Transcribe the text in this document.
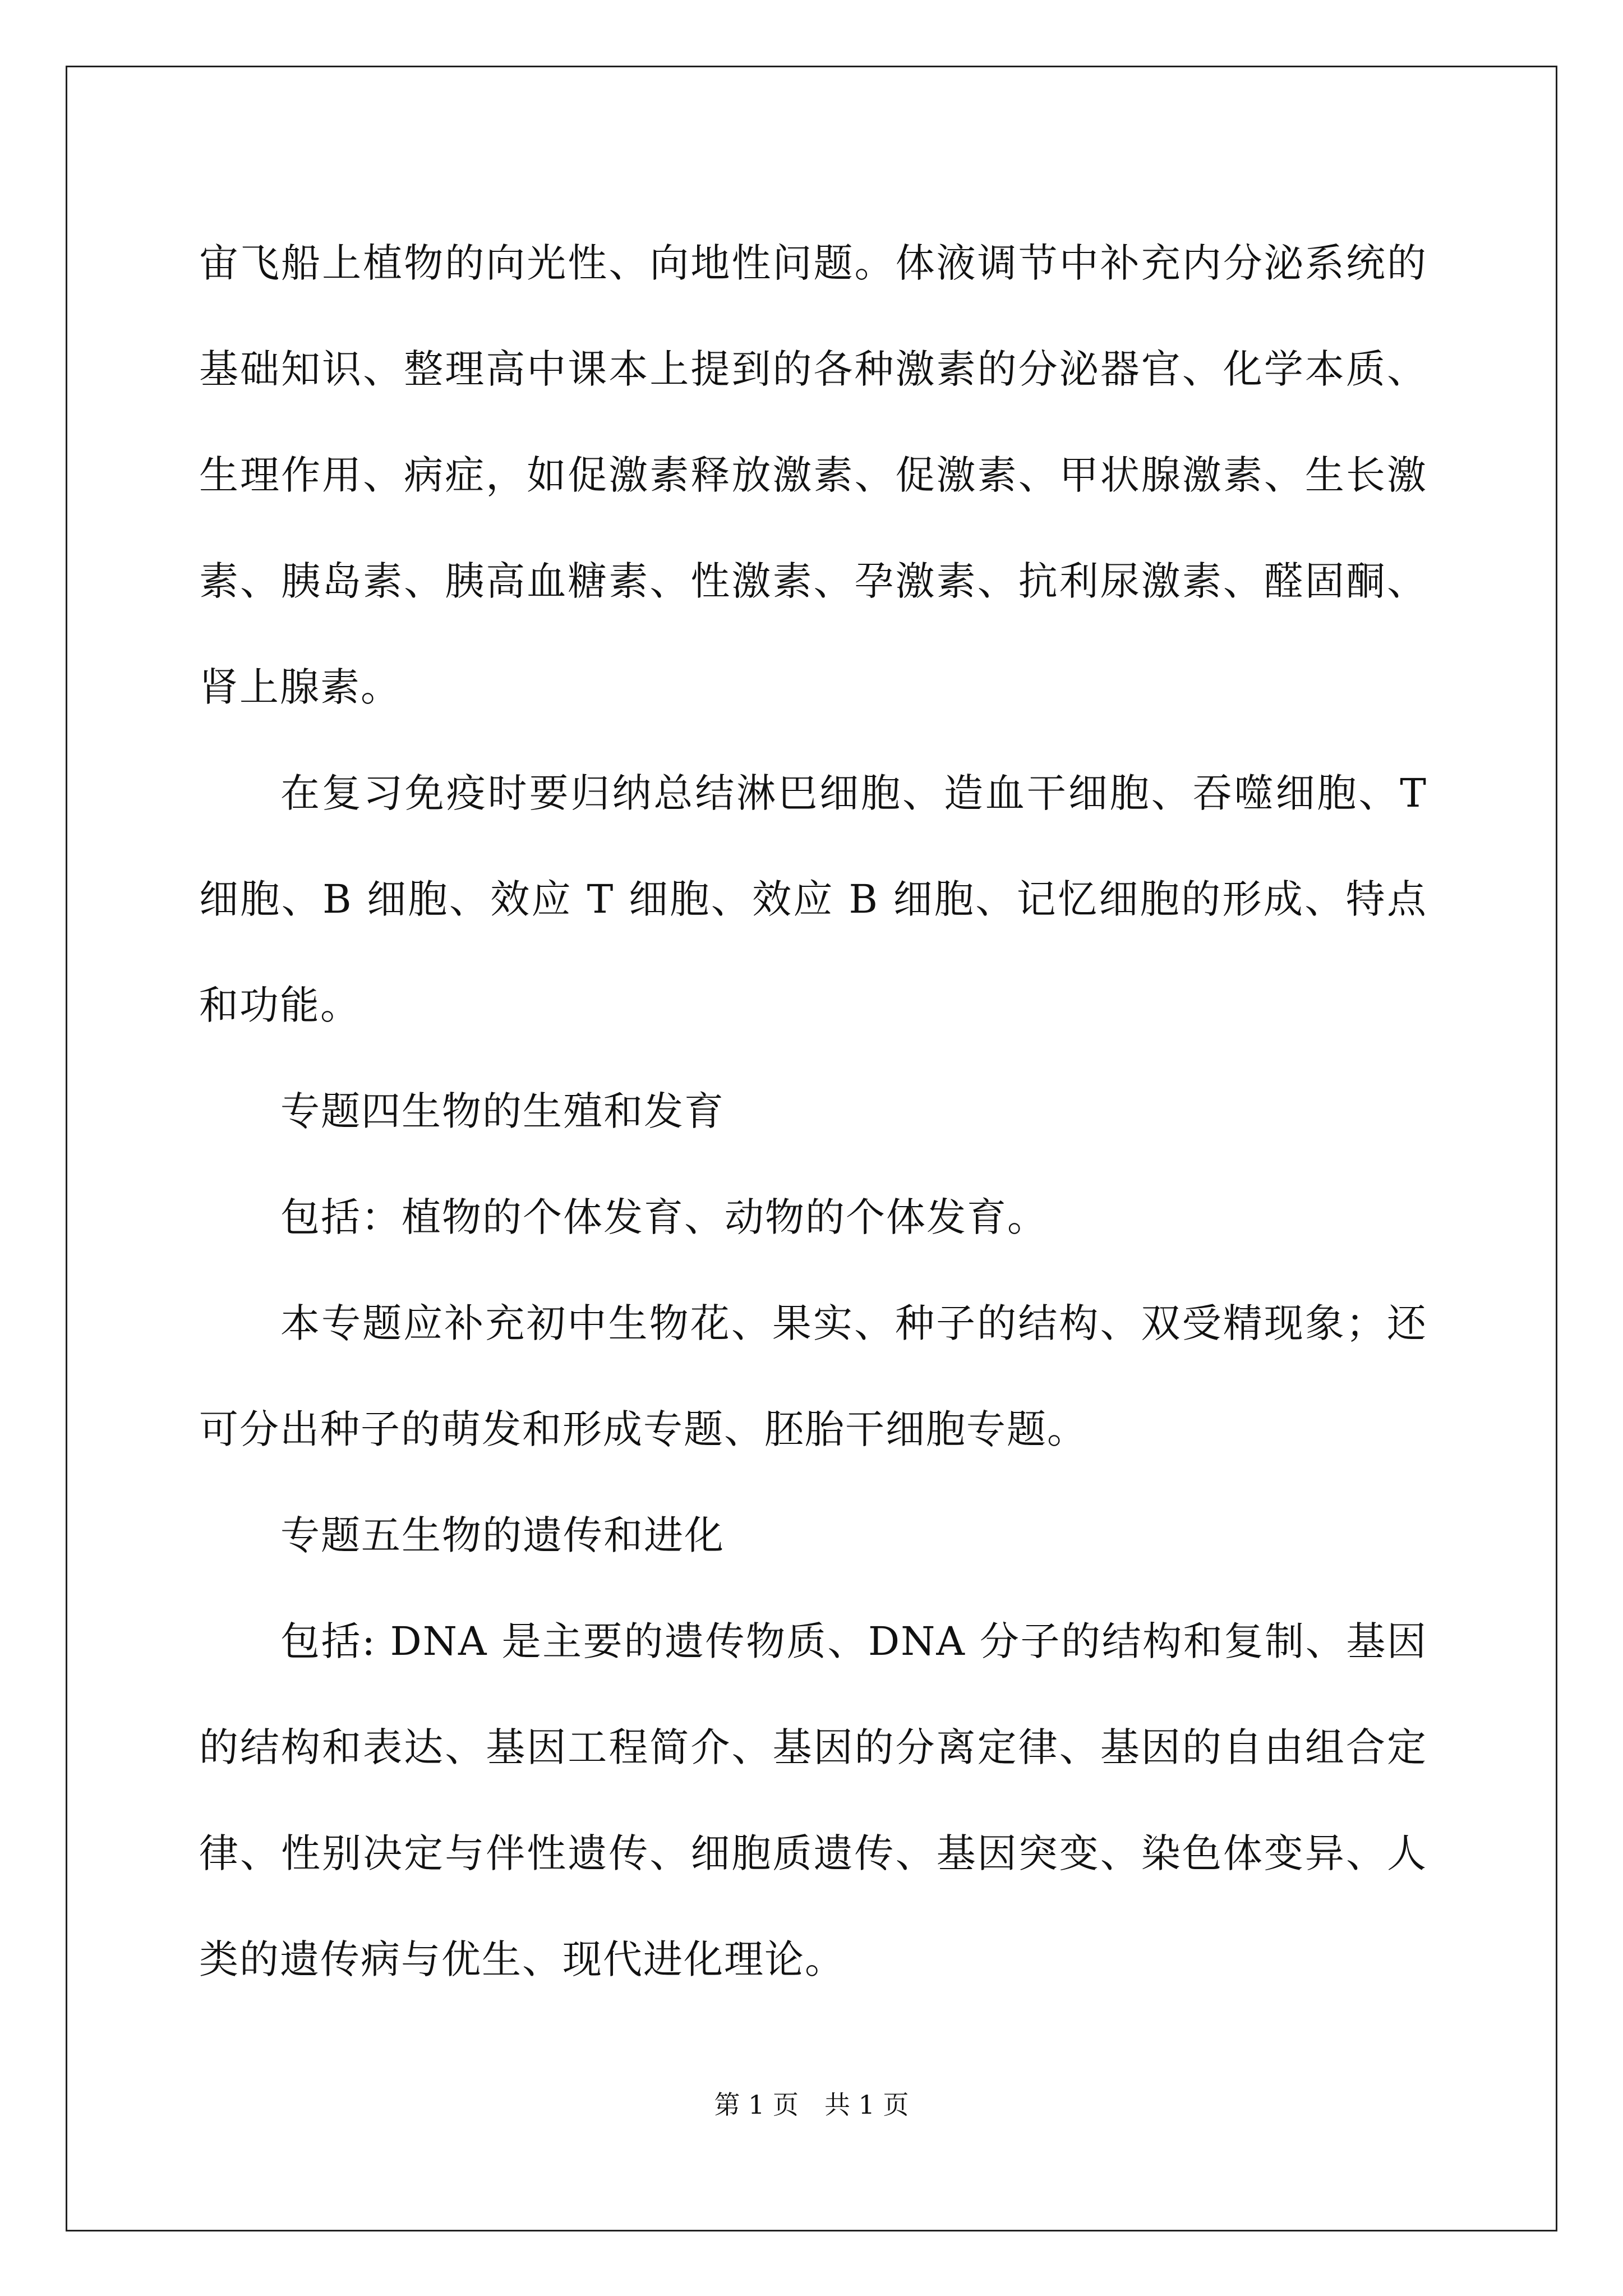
宙飞船上植物的向光性、向地性问题。体液调节中补充内分泌系统的基础知识、整理高中课本上提到的各种激素的分泌器官、化学本质、生理作用、病症，如促激素释放激素、促激素、甲状腺激素、生长激素、胰岛素、胰高血糖素、性激素、孕激素、抗利尿激素、醛固酮、肾上腺素。

在复习免疫时要归纳总结淋巴细胞、造血干细胞、吞噬细胞、T 细胞、B 细胞、效应 T 细胞、效应 B 细胞、记忆细胞的形成、特点和功能。

专题四生物的生殖和发育

包括：植物的个体发育、动物的个体发育。

本专题应补充初中生物花、果实、种子的结构、双受精现象；还可分出种子的萌发和形成专题、胚胎干细胞专题。

专题五生物的遗传和进化

包括: DNA 是主要的遗传物质、DNA 分子的结构和复制、基因的结构和表达、基因工程简介、基因的分离定律、基因的自由组合定律、性别决定与伴性遗传、细胞质遗传、基因突变、染色体变异、人类的遗传病与优生、现代进化理论。

第 1 页 共 1 页
